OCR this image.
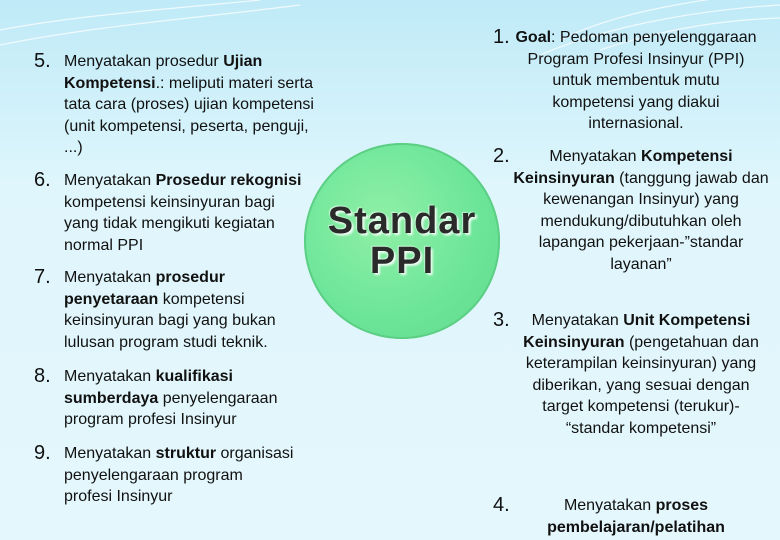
5. Menyatakan prosedur Ujian Kompetensi.: meliputi materi serta tata cara (proses) ujian kompetensi (unit kompetensi, peserta, penguji, ...)
6. Menyatakan Prosedur rekognisi kompetensi keinsinyuran bagi yang tidak mengikuti kegiatan normal PPI
7. Menyatakan prosedur penyetaraan kompetensi keinsinyuran bagi yang bukan lulusan program studi teknik.
8. Menyatakan kualifikasi sumberdaya penyelengaraan program profesi Insinyur
9. Menyatakan struktur organisasi penyelengaraan program profesi Insinyur
Standar
PPI
1. Goal: Pedoman penyelenggaraan Program Profesi Insinyur (PPI) untuk membentuk mutu kompetensi yang diakui internasional.
2.	Menyatakan Kompetensi Keinsinyuran (tanggung jawab dan kewenangan Insinyur) yang mendukung/dibutuhkan oleh lapangan pekerjaan-”standar layanan”
3.	Menyatakan Unit Kompetensi Keinsinyuran (pengetahuan dan keterampilan keinsinyuran) yang diberikan, yang sesuai dengan target kompetensi (terukur)- “standar kompetensi”
4.	Menyatakan proses pembelajaran/pelatihan
